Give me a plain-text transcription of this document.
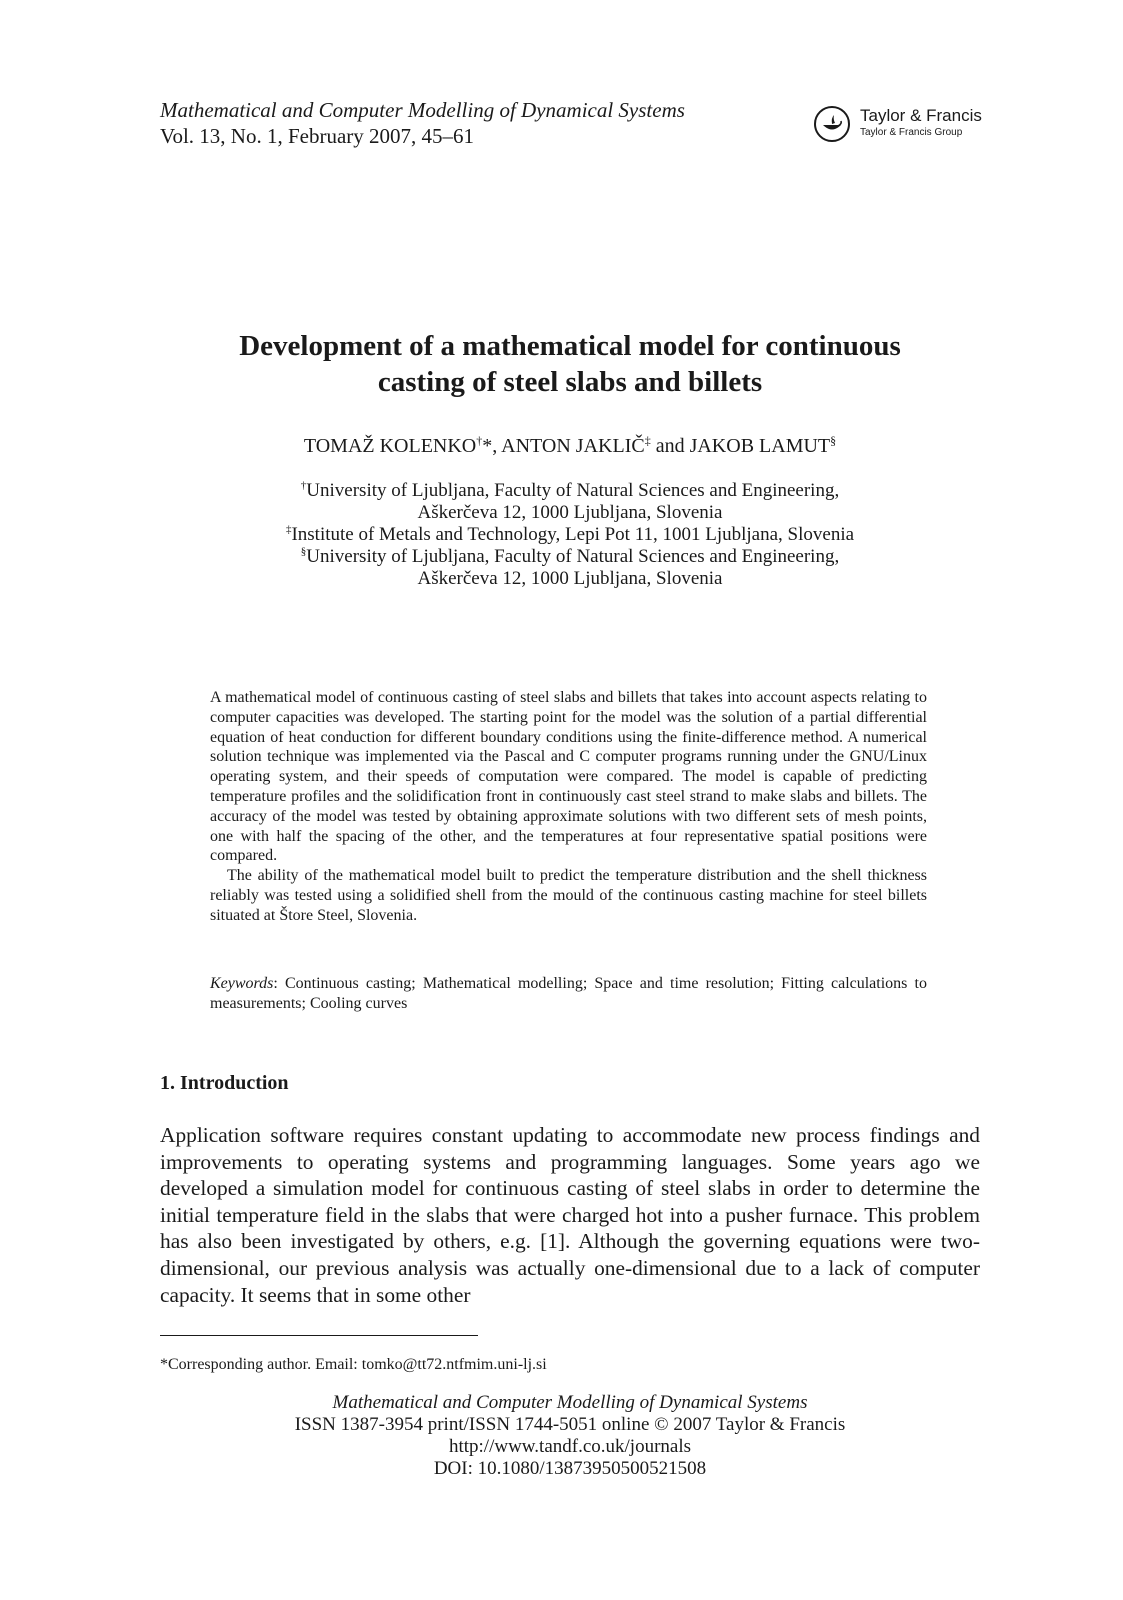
Mathematical and Computer Modelling of Dynamical Systems
Vol. 13, No. 1, February 2007, 45–61
Taylor & Francis
Taylor & Francis Group
Development of a mathematical model for continuous
casting of steel slabs and billets
TOMAŽ KOLENKO†*, ANTON JAKLIČ‡ and JAKOB LAMUT§
†University of Ljubljana, Faculty of Natural Sciences and Engineering,
Aškerčeva 12, 1000 Ljubljana, Slovenia
‡Institute of Metals and Technology, Lepi Pot 11, 1001 Ljubljana, Slovenia
§University of Ljubljana, Faculty of Natural Sciences and Engineering,
Aškerčeva 12, 1000 Ljubljana, Slovenia

A mathematical model of continuous casting of steel slabs and billets that takes into account aspects relating to computer capacities was developed. The starting point for the model was the solution of a partial differential equation of heat conduction for different boundary conditions using the finite-difference method. A numerical solution technique was implemented via the Pascal and C computer programs running under the GNU/Linux operating system, and their speeds of computation were compared. The model is capable of predicting temperature profiles and the solidification front in continuously cast steel strand to make slabs and billets. The accuracy of the model was tested by obtaining approximate solutions with two different sets of mesh points, one with half the spacing of the other, and the temperatures at four representative spatial positions were compared.

The ability of the mathematical model built to predict the temperature distribution and the shell thickness reliably was tested using a solidified shell from the mould of the continuous casting machine for steel billets situated at Štore Steel, Slovenia.

Keywords: Continuous casting; Mathematical modelling; Space and time resolution; Fitting calculations to measurements; Cooling curves
1. Introduction

Application software requires constant updating to accommodate new process findings and improvements to operating systems and programming languages. Some years ago we developed a simulation model for continuous casting of steel slabs in order to determine the initial temperature field in the slabs that were charged hot into a pusher furnace. This problem has also been investigated by others, e.g. [1]. Although the governing equations were two-dimensional, our previous analysis was actually one-dimensional due to a lack of computer capacity. It seems that in some other

*Corresponding author. Email: tomko@tt72.ntfmim.uni-lj.si
Mathematical and Computer Modelling of Dynamical Systems
ISSN 1387-3954 print/ISSN 1744-5051 online © 2007 Taylor & Francis
http://www.tandf.co.uk/journals
DOI: 10.1080/13873950500521508
